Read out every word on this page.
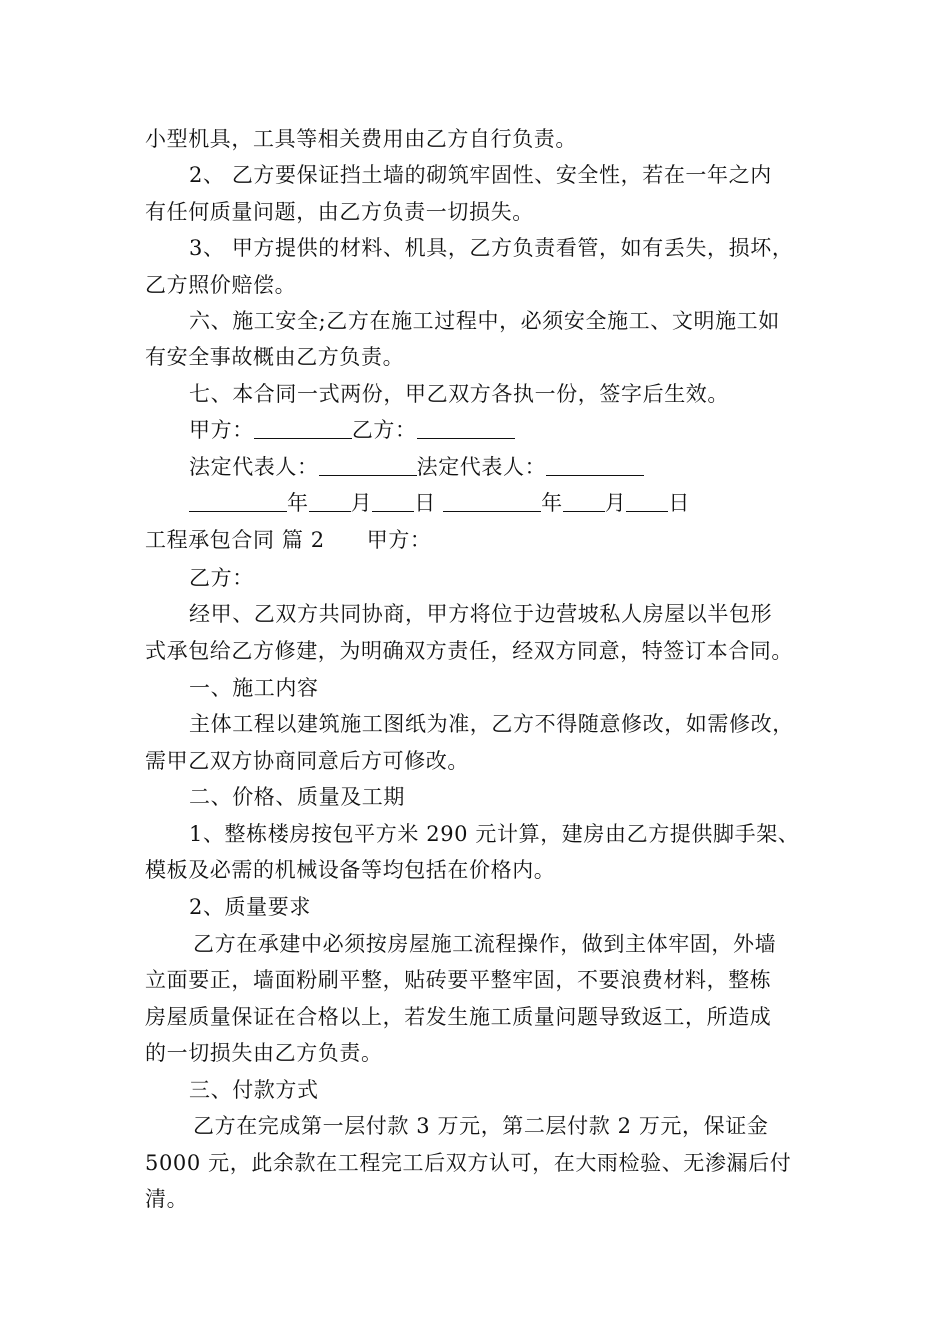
小型机具，工具等相关费用由乙方自行负责。
2、 乙方要保证挡土墙的砌筑牢固性、安全性，若在一年之内
有任何质量问题，由乙方负责一切损失。
3、 甲方提供的材料、机具，乙方负责看管，如有丢失，损坏，
乙方照价赔偿。
六、施工安全;乙方在施工过程中，必须安全施工、文明施工如
有安全事故概由乙方负责。
七、本合同一式两份，甲乙双方各执一份，签字后生效。
甲方：	乙方：
法定代表人：	法定代表人：
年 月 日	年 月 日
工程承包合同 篇 2 甲方：
乙方：
经甲、乙双方共同协商，甲方将位于边营坡私人房屋以半包形
式承包给乙方修建，为明确双方责任，经双方同意，特签订本合同。
一、施工内容
主体工程以建筑施工图纸为准，乙方不得随意修改，如需修改，
需甲乙双方协商同意后方可修改。
二、价格、质量及工期
1、整栋楼房按包平方米 290 元计算，建房由乙方提供脚手架、
模板及必需的机械设备等均包括在价格内。
2、质量要求
乙方在承建中必须按房屋施工流程操作，做到主体牢固，外墙
立面要正，墙面粉刷平整，贴砖要平整牢固，不要浪费材料，整栋
房屋质量保证在合格以上，若发生施工质量问题导致返工，所造成
的一切损失由乙方负责。
三、付款方式
乙方在完成第一层付款 3 万元，第二层付款 2 万元，保证金
5000 元，此余款在工程完工后双方认可，在大雨检验、无渗漏后付
清。
